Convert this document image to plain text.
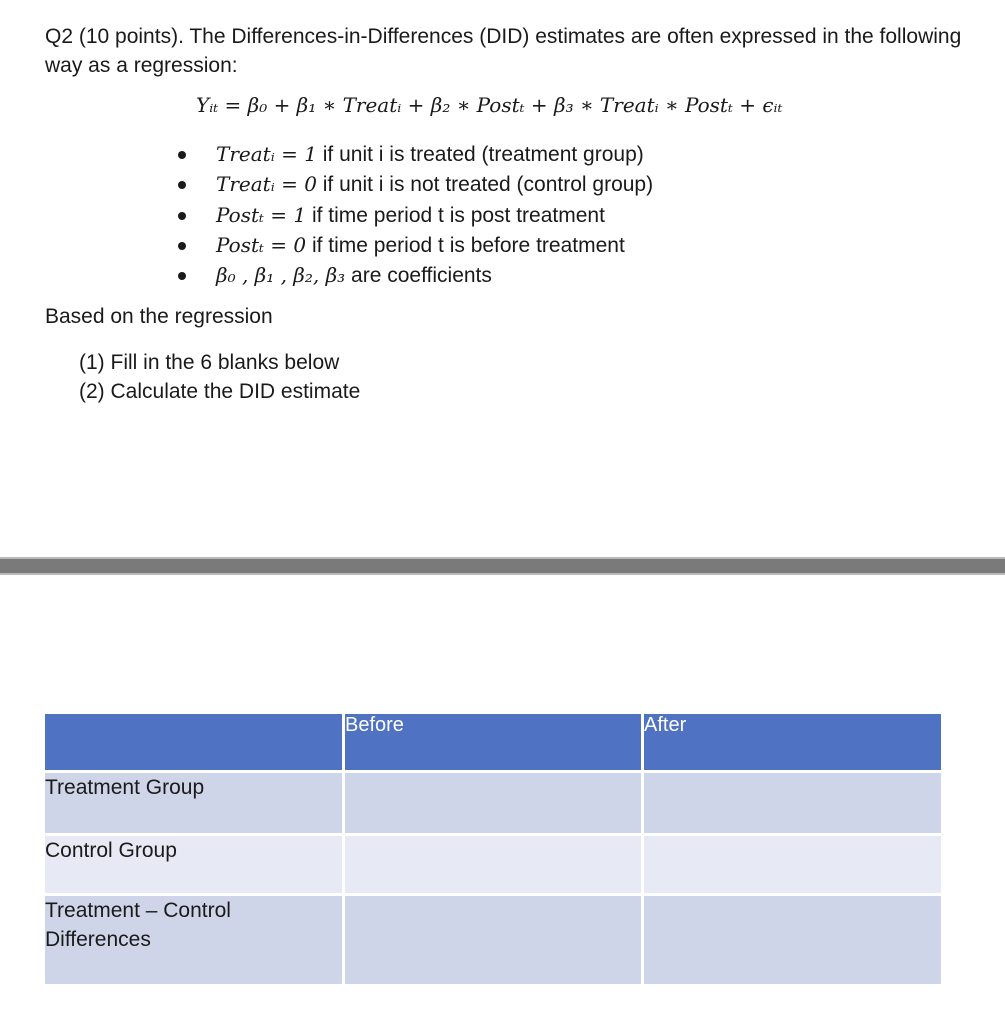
Q2 (10 points). The Differences-in-Differences (DID) estimates are often expressed in the following way as a regression:
Yᵢₜ = β₀ + β₁ ∗ Treatᵢ + β₂ ∗ Postₜ + β₃ ∗ Treatᵢ ∗ Postₜ + ϵᵢₜ
Treatᵢ = 1 if unit i is treated (treatment group)
Treatᵢ = 0 if unit i is not treated (control group)
Postₜ = 1 if time period t is post treatment
Postₜ = 0 if time period t is before treatment
β₀ , β₁ , β₂, β₃ are coefficients
Based on the regression
(1) Fill in the 6 blanks below
(2) Calculate the DID estimate
	Before	After
Treatment Group		
Control Group		
Treatment – Control Differences		
